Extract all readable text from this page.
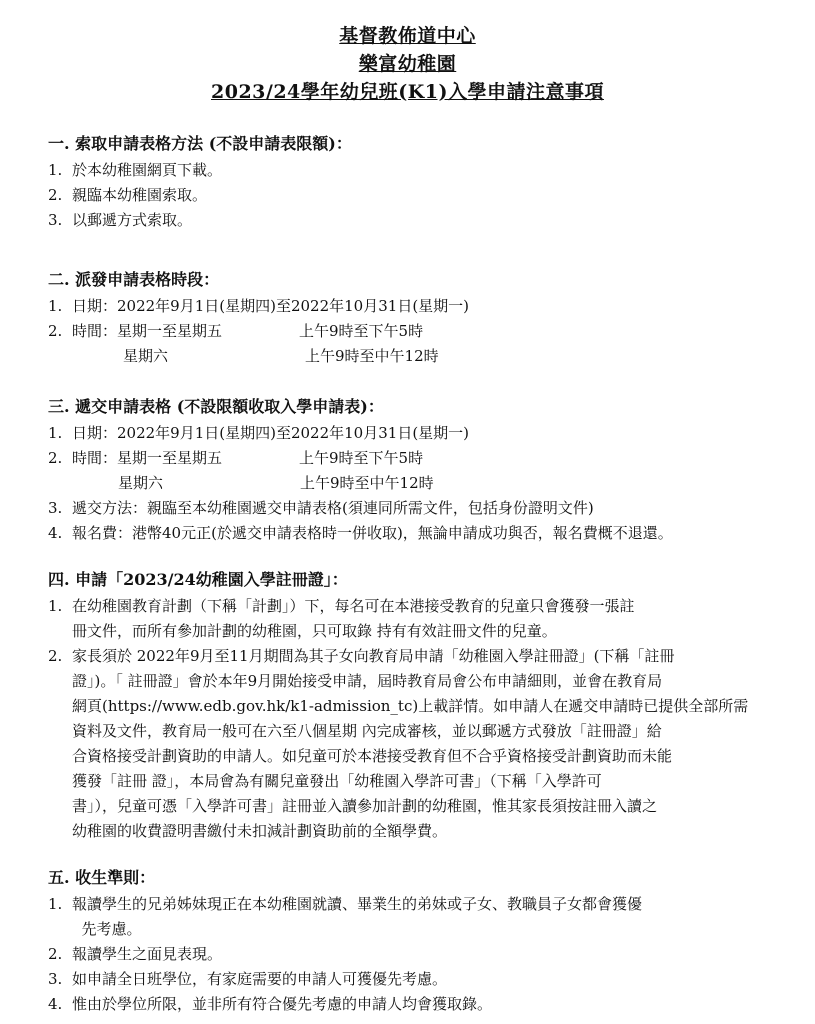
基督教佈道中心
樂富幼稚園
2023/24學年幼兒班(K1)入學申請注意事項
一. 索取申請表格方法 (不設申請表限額)：
1. 於本幼稚園網頁下載。
2. 親臨本幼稚園索取。
3. 以郵遞方式索取。
二. 派發申請表格時段：
1. 日期：2022年9月1日(星期四)至2022年10月31日(星期一)
2. 時間：星期一至星期五	上午9時至下午5時
星期六	上午9時至中午12時
三. 遞交申請表格 (不設限額收取入學申請表)：
1. 日期：2022年9月1日(星期四)至2022年10月31日(星期一)
2. 時間：星期一至星期五	上午9時至下午5時
星期六	上午9時至中午12時
3. 遞交方法：親臨至本幼稚園遞交申請表格(須連同所需文件，包括身份證明文件)
4. 報名費：港幣40元正(於遞交申請表格時一併收取)，無論申請成功與否，報名費概不退還。
四. 申請「2023/24幼稚園入學註冊證」：
1. 在幼稚園教育計劃（下稱「計劃」）下，每名可在本港接受教育的兒童只會獲發一張註
冊文件，而所有參加計劃的幼稚園，只可取錄 持有有效註冊文件的兒童。
2. 家長須於 2022年9月至11月期間為其子女向教育局申請「幼稚園入學註冊證」(下稱「註冊
證」)。「 註冊證」會於本年9月開始接受申請，屆時教育局會公布申請細則，並會在教育局
網頁(https://www.edb.gov.hk/k1-admission_tc)上載詳情。如申請人在遞交申請時已提供全部所需
資料及文件，教育局一般可在六至八個星期 內完成審核，並以郵遞方式發放「註冊證」給
合資格接受計劃資助的申請人。如兒童可於本港接受教育但不合乎資格接受計劃資助而未能
獲發「註冊 證」，本局會為有關兒童發出「幼稚園入學許可書」（下稱「入學許可
書」），兒童可憑「入學許可書」註冊並入讀參加計劃的幼稚園，惟其家長須按註冊入讀之
幼稚園的收費證明書繳付未扣減計劃資助前的全額學費。
五. 收生準則：
1. 報讀學生的兄弟姊妹現正在本幼稚園就讀、畢業生的弟妹或子女、教職員子女都會獲優
先考慮。
2. 報讀學生之面見表現。
3. 如申請全日班學位，有家庭需要的申請人可獲優先考慮。
4. 惟由於學位所限，並非所有符合優先考慮的申請人均會獲取錄。
